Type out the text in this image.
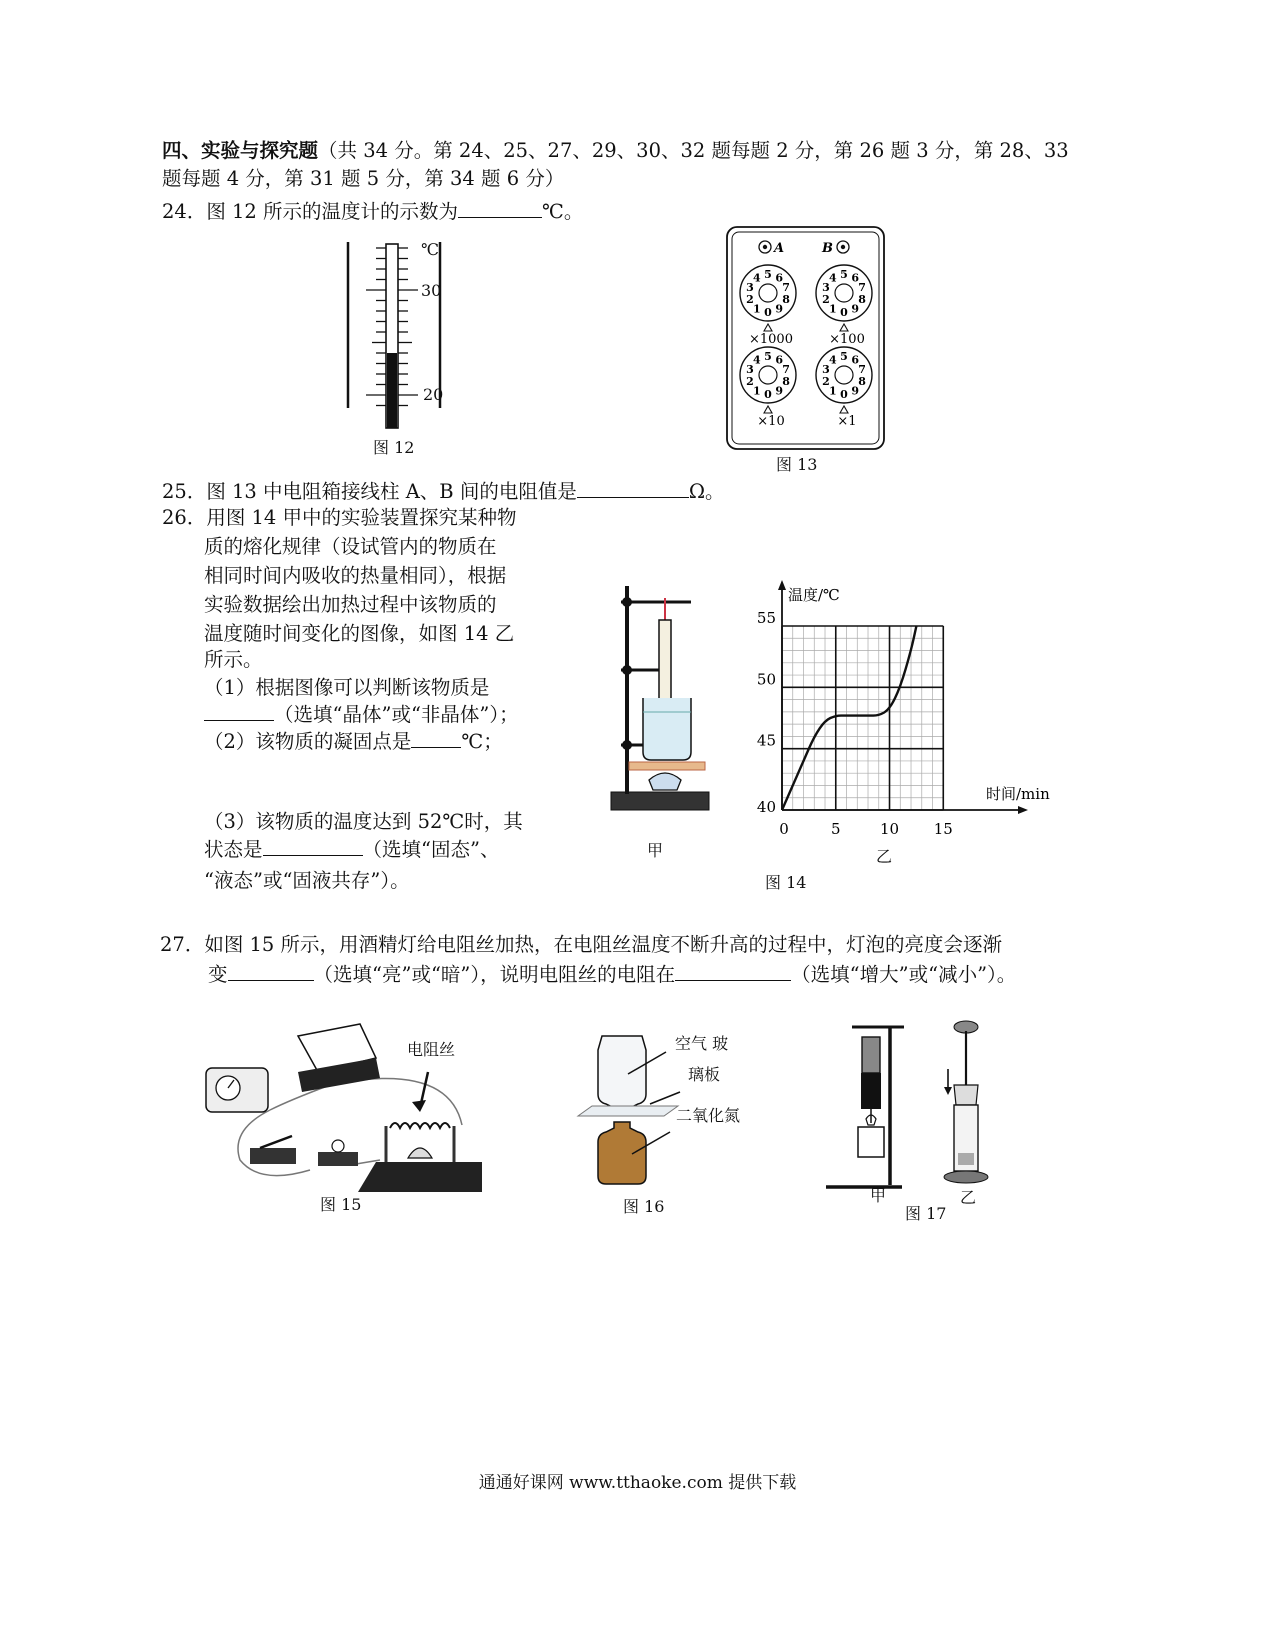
四、实验与探究题（共 34 分。第 24、25、27、29、30、32 题每题 2 分，第 26 题 3 分，第 28、33
题每题 4 分，第 31 题 5 分，第 34 题 6 分）
24．图 12 所示的温度计的示数为	℃。
℃
30
20
图 12
A	B
0
1
2
3
4 5 6
7
8
9
×1000
0
1
2
3
4 5 6
7
8
9
×100
0
1
2
3
4 5 6
7
8
9
×10
0
1
2
3
4 5 6
7
8
9
×1
图 13
25．图 13 中电阻箱接线柱 A、B 间的电阻值是	Ω。
26．用图 14 甲中的实验装置探究某种物
质的熔化规律（设试管内的物质在
相同时间内吸收的热量相同），根据
实验数据绘出加热过程中该物质的
温度随时间变化的图像，如图 14 乙
所示。
（1）根据图像可以判断该物质是
（选填“晶体”或“非晶体”）；
（2）该物质的凝固点是	℃；
（3）该物质的温度达到 52℃时，其
状态是	（选填“固态”、
“液态”或“固液共存”）。
甲
0	5	10 15
40
45
50
55
温度/℃
时间/min
乙
图 14
27．如图 15 所示，用酒精灯给电阻丝加热，在电阻丝温度不断升高的过程中，灯泡的亮度会逐渐
变	（选填“亮”或“暗”），说明电阻丝的电阻在	（选填“增大”或“减小”）。
电阻丝
图 15
空气 玻
璃板
二氧化氮
图 16
甲	乙
图 17
通通好课网 www.tthaoke.com 提供下载
